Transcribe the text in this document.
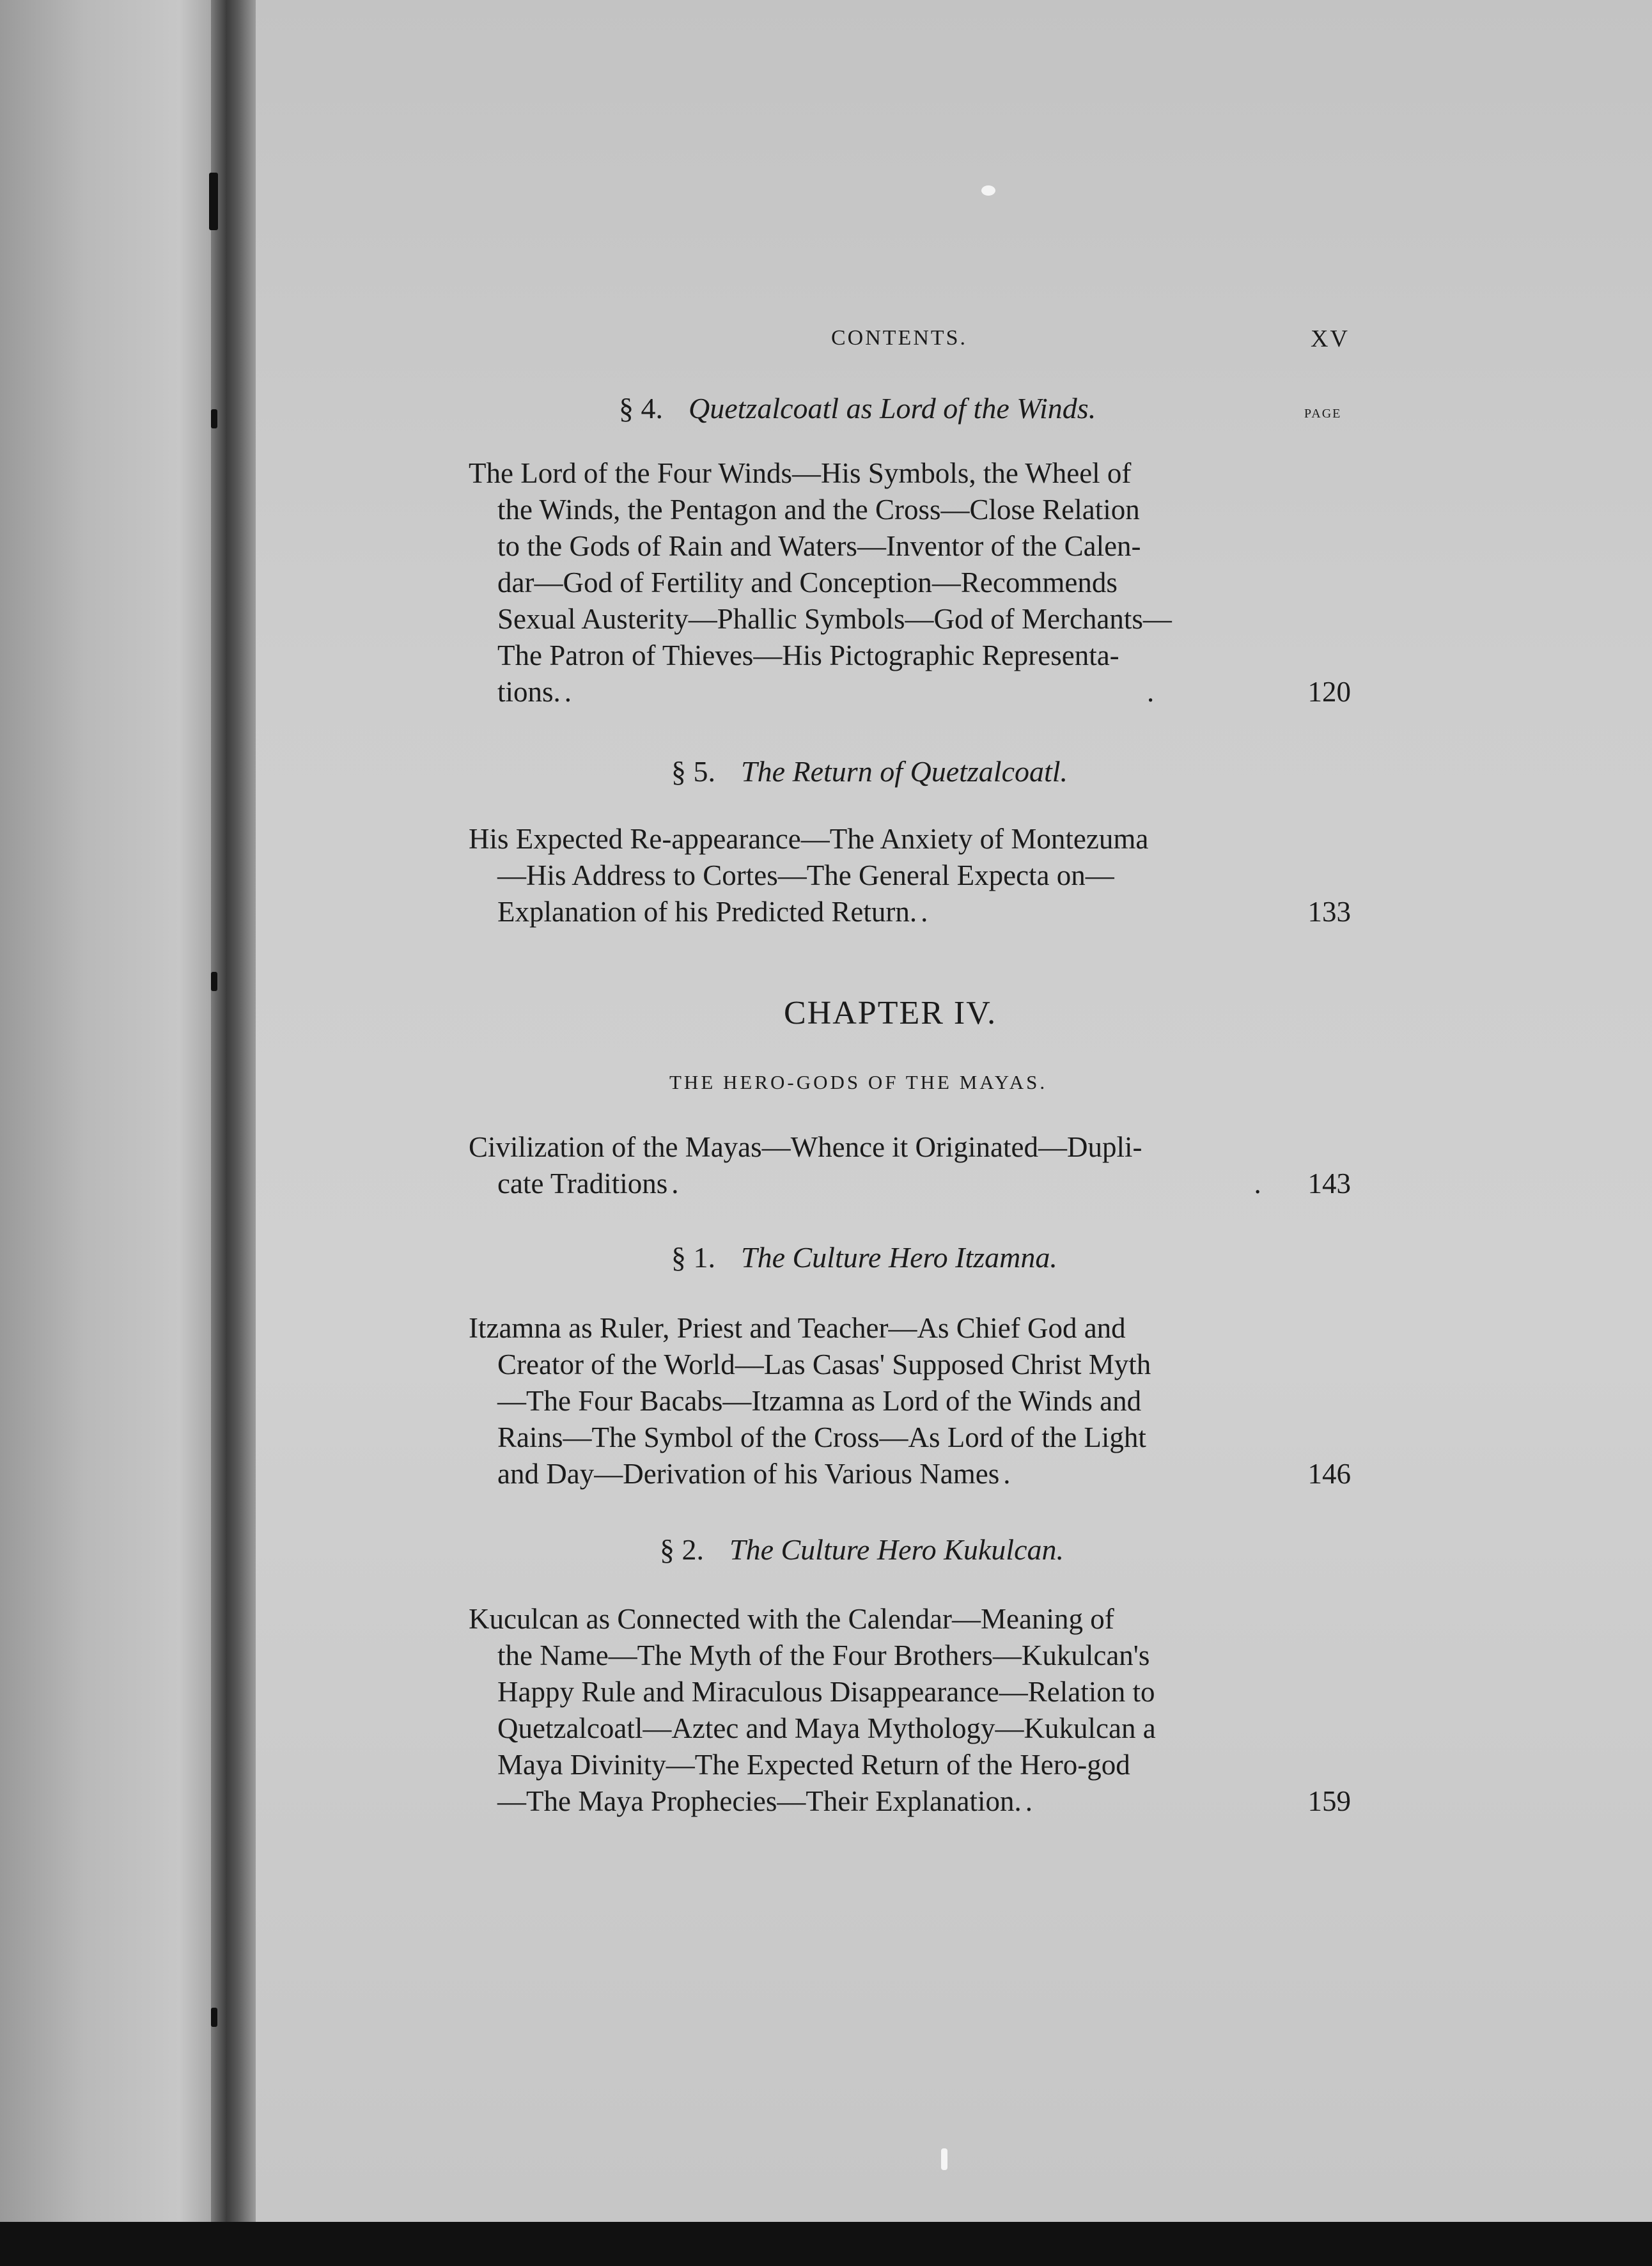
CONTENTS.	XV
PAGE
§ 4. Quetzalcoatl as Lord of the Winds.
The Lord of the Four Winds—His Symbols, the Wheel of
the Winds, the Pentagon and the Cross—Close Relation
to the Gods of Rain and Waters—Inventor of the Calen-
dar—God of Fertility and Conception—Recommends
Sexual Austerity—Phallic Symbols—God of Merchants—
The Patron of Thieves—His Pictographic Representa-
tions. .	120
§ 5. The Return of Quetzalcoatl.
His Expected Re-appearance—The Anxiety of Montezuma
—His Address to Cortes—The General Expecta on—
Explanation of his Predicted Return. .	133
CHAPTER IV.
THE HERO-GODS OF THE MAYAS.
Civilization of the Mayas—Whence it Originated—Dupli-
cate Traditions .	143
§ 1. The Culture Hero Itzamna.
Itzamna as Ruler, Priest and Teacher—As Chief God and
Creator of the World—Las Casas' Supposed Christ Myth
—The Four Bacabs—Itzamna as Lord of the Winds and
Rains—The Symbol of the Cross—As Lord of the Light
and Day—Derivation of his Various Names .	146
§ 2. The Culture Hero Kukulcan.
Kuculcan as Connected with the Calendar—Meaning of
the Name—The Myth of the Four Brothers—Kukulcan's
Happy Rule and Miraculous Disappearance—Relation to
Quetzalcoatl—Aztec and Maya Mythology—Kukulcan a
Maya Divinity—The Expected Return of the Hero-god
—The Maya Prophecies—Their Explanation. .	159
